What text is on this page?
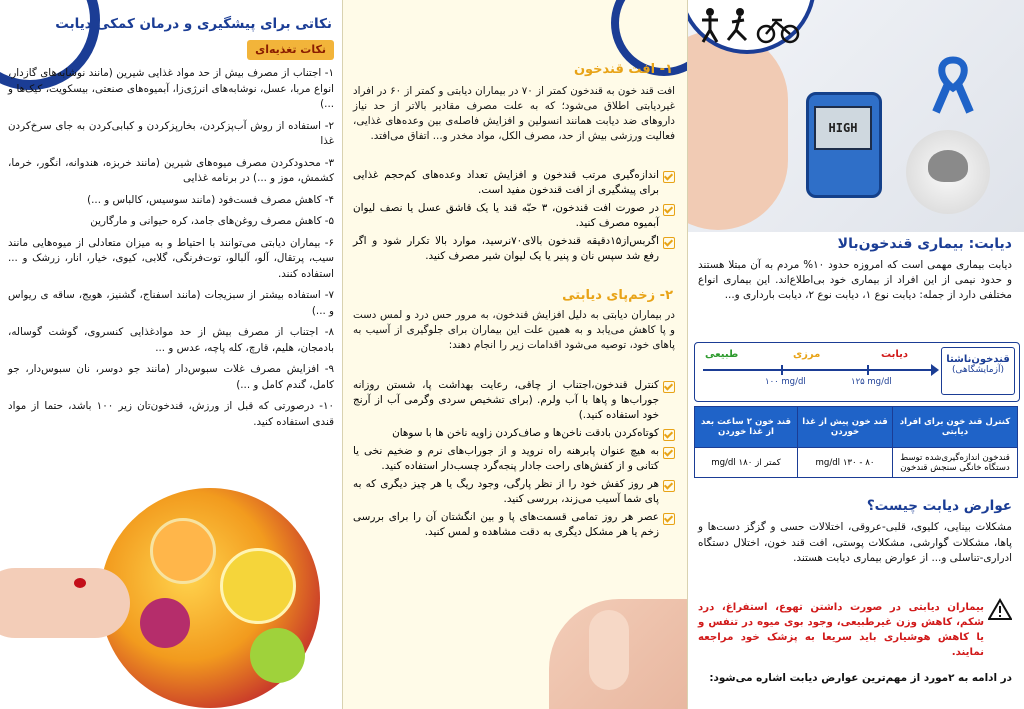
نکاتی برای پیشگیری و درمان کمکی دیابت
نکات تغذیه‌ای
۱- اجتناب از مصرف بیش از حد مواد غذایی شیرین (مانند نوشابه‌های گازدار، انواع مربا، عسل، نوشابه‌های انرژی‌زا، آبمیوه‌های صنعتی، بیسکویت، کیک‌ها و ...)
۲- استفاده از روش آب‌پزکردن، بخارپزکردن و کبابی‌کردن به جای سرخ‌کردن غذا
۳- محدودکردن مصرف میوه‌های شیرین (مانند خربزه، هندوانه، انگور، خرما، کشمش، موز و ...) در برنامه غذایی
۴- کاهش مصرف فست‌فود (مانند سوسیس، کالباس و ...)
۵- کاهش مصرف روغن‌های جامد، کره حیوانی و مارگارین
۶- بیماران دیابتی می‌توانند با احتیاط و به میزان متعادلی از میوه‌هایی مانند سیب، پرتقال، آلو، آلبالو، توت‌فرنگی، گلابی، کیوی، خیار، انار، زرشک و ... استفاده کنند.
۷- استفاده بیشتر از سبزیجات (مانند اسفناج، گشنیز، هویج، ساقه ی ریواس و ...)
۸- اجتناب از مصرف بیش از حد موادغذایی کنسروی، گوشت گوساله، بادمجان، هلیم، قارچ، کله پاچه، عدس و ...
۹- افزایش مصرف غلات سبوس‌دار (مانند جو دوسر، نان سبوس‌دار، جو کامل، گندم کامل و ...)
۱۰- درصورتی که قبل از ورزش، قندخون‌تان زیر ۱۰۰ باشد، حتما از مواد قندی استفاده کنید.
۱- افت قندخون
افت قند خون به قندخون کمتر از ۷۰ در بیماران دیابتی و کمتر از ۶۰ در افراد غیردیابتی اطلاق می‌شود؛ که به علت مصرف مقادیر بالاتر از حد نیاز داروهای ضد دیابت همانند انسولین و افزایش فاصله‌ی بین وعده‌های غذایی، فعالیت ورزشی بیش از حد، مصرف الکل، مواد مخدر و... اتفاق می‌افتد.
اندازه‌گیری مرتب قندخون و افزایش تعداد وعده‌های کم‌حجم غذایی برای پیشگیری از افت قندخون مفید است.
در صورت افت قندخون، ۳ حبّه قند یا یک قاشق عسل یا نصف لیوان آبمیوه مصرف کنید.
اگربس‌از۱۵دقیقه قندخون بالای۷۰نرسید، موارد بالا تکرار شود و اگر رفع شد سپس نان و پنیر یا یک لیوان شیر مصرف کنید.
۲- زخم‌پای دیابتی
در بیماران دیابتی به دلیل افزایش قندخون، به مرور حس درد و لمس دست و پا کاهش می‌یابد و به همین علت این بیماران برای جلوگیری از آسیب به پاهای خود، توصیه می‌شود اقدامات زیر را انجام دهند:
کنترل قندخون،اجتناب از چاقی، رعایت بهداشت پا، شستن روزانه جوراب‌ها و پاها با آب ولرم. (برای تشخیص سردی وگرمی آب از آرنج خود استفاده کنید.)
کوتاه‌کردن بادقت ناخن‌ها و صاف‌کردن زاویه ناخن ها با سوهان
به هیچ عنوان پابرهنه راه نروید و از جوراب‌های نرم و ضخیم نخی یا کتانی و از کفش‌های راحت جادار پنجه‌گرد چسب‌دار استفاده کنید.
هر روز کفش خود را از نظر پارگی، وجود ریگ یا هر چیز دیگری که به پای شما آسیب می‌زند، بررسی کنید.
عصر هر روز تمامی قسمت‌های پا و بین انگشتان آن را برای بررسی زخم یا هر مشکل دیگری به دقت مشاهده و لمس کنید.
HIGH
دیابت: بیماری قندخون‌بالا
دیابت بیماری مهمی است که امروزه حدود ۱۰% مردم به آن مبتلا هستند و حدود نیمی از این افراد از بیماری خود بی‌اطلاع‌اند. این بیماری انواع مختلفی دارد از جمله: دیابت نوع ۱، دیابت نوع ۲، دیابت بارداری و...
قندخون‌ناشتا
(آزمایشگاهی)
طبیعی	مرزی	دیابت
۱۰۰ mg/dl	۱۲۵ mg/dl
کنترل قند خون برای افراد دیابتی	قند خون پیش از غذا خوردن	قند خون ۲ ساعت بعد از غذا خوردن
قندخون اندازه‌گیری‌شده توسط دستگاه خانگی سنجش قندخون	۸۰ - ۱۳۰ mg/dl	کمتر از ۱۸۰ mg/dl
عوارض دیابت چیست؟
مشکلات بینایی، کلیوی، قلبی-عروقی، اختلالات حسی و گزگز دست‌ها و پاها، مشکلات گوارشی، مشکلات پوستی، افت قند خون، اختلال دستگاه ادراری-تناسلی و... از عوارض بیماری دیابت هستند.
بیماران دیابتی در صورت داشتن تهوع، استفراغ، درد شکم، کاهش وزن غیرطبیعی، وجود بوی میوه در تنفس و یا کاهش هوشیاری باید سریعا به پزشک خود مراجعه نمایند.
در ادامه به ۲مورد از مهم‌ترین عوارض دیابت اشاره می‌شود:
